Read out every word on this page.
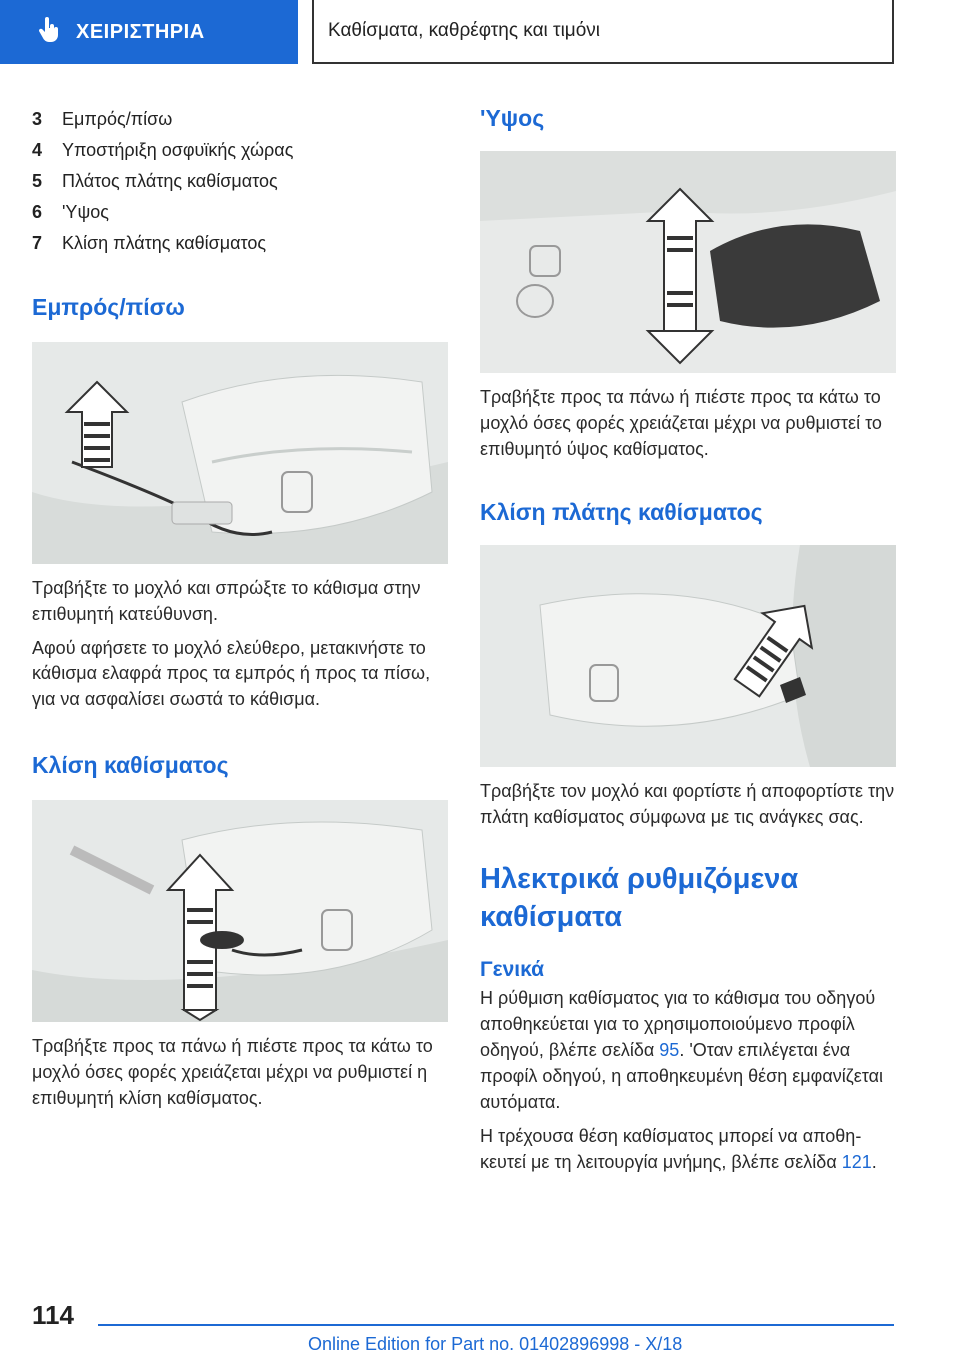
ΧΕΙΡΙΣΤΗΡΙΑ	Καθίσματα, καθρέφτης και τιμόνι
3	Εμπρός/πίσω
4	Υποστήριξη οσφυϊκής χώρας
5	Πλάτος πλάτης καθίσματος
6	'Υψος
7	Κλίση πλάτης καθίσματος
Εμπρός/πίσω

Τραβήξτε το μοχλό και σπρώξτε το κάθισμα στην επιθυμητή κατεύθυνση.

Αφού αφήσετε το μοχλό ελεύθερο, μετακινήστε το κάθισμα ελαφρά προς τα εμπρός ή προς τα πίσω, για να ασφαλίσει σωστά το κάθισμα.

Κλίση καθίσματος

Τραβήξτε προς τα πάνω ή πιέστε προς τα κάτω το μοχλό όσες φορές χρειάζεται μέχρι να ρυθμιστεί η επιθυμητή κλίση καθίσματος.

'Υψος

Τραβήξτε προς τα πάνω ή πιέστε προς τα κάτω το μοχλό όσες φορές χρειάζεται μέχρι να ρυθμιστεί το επιθυμητό ύψος καθίσματος.

Κλίση πλάτης καθίσματος

Τραβήξτε τον μοχλό και φορτίστε ή αποφορτίστε την πλάτη καθίσματος σύμφωνα με τις ανάγκες σας.

Ηλεκτρικά ρυθμιζόμενα καθίσματα
Γενικά

Η ρύθμιση καθίσματος για το κάθισμα του οδηγού αποθηκεύεται για το χρησιμοποιούμενο προφίλ οδηγού, βλέπε σελίδα 95. 'Οταν επιλέγεται ένα προφίλ οδηγού, η αποθηκευμένη θέση εμφανίζεται αυτόματα.

Η τρέχουσα θέση καθίσματος μπορεί να αποθηκευτεί με τη λειτουργία μνήμης, βλέπε σελίδα 121.

114
Online Edition for Part no. 01402896998 - X/18
